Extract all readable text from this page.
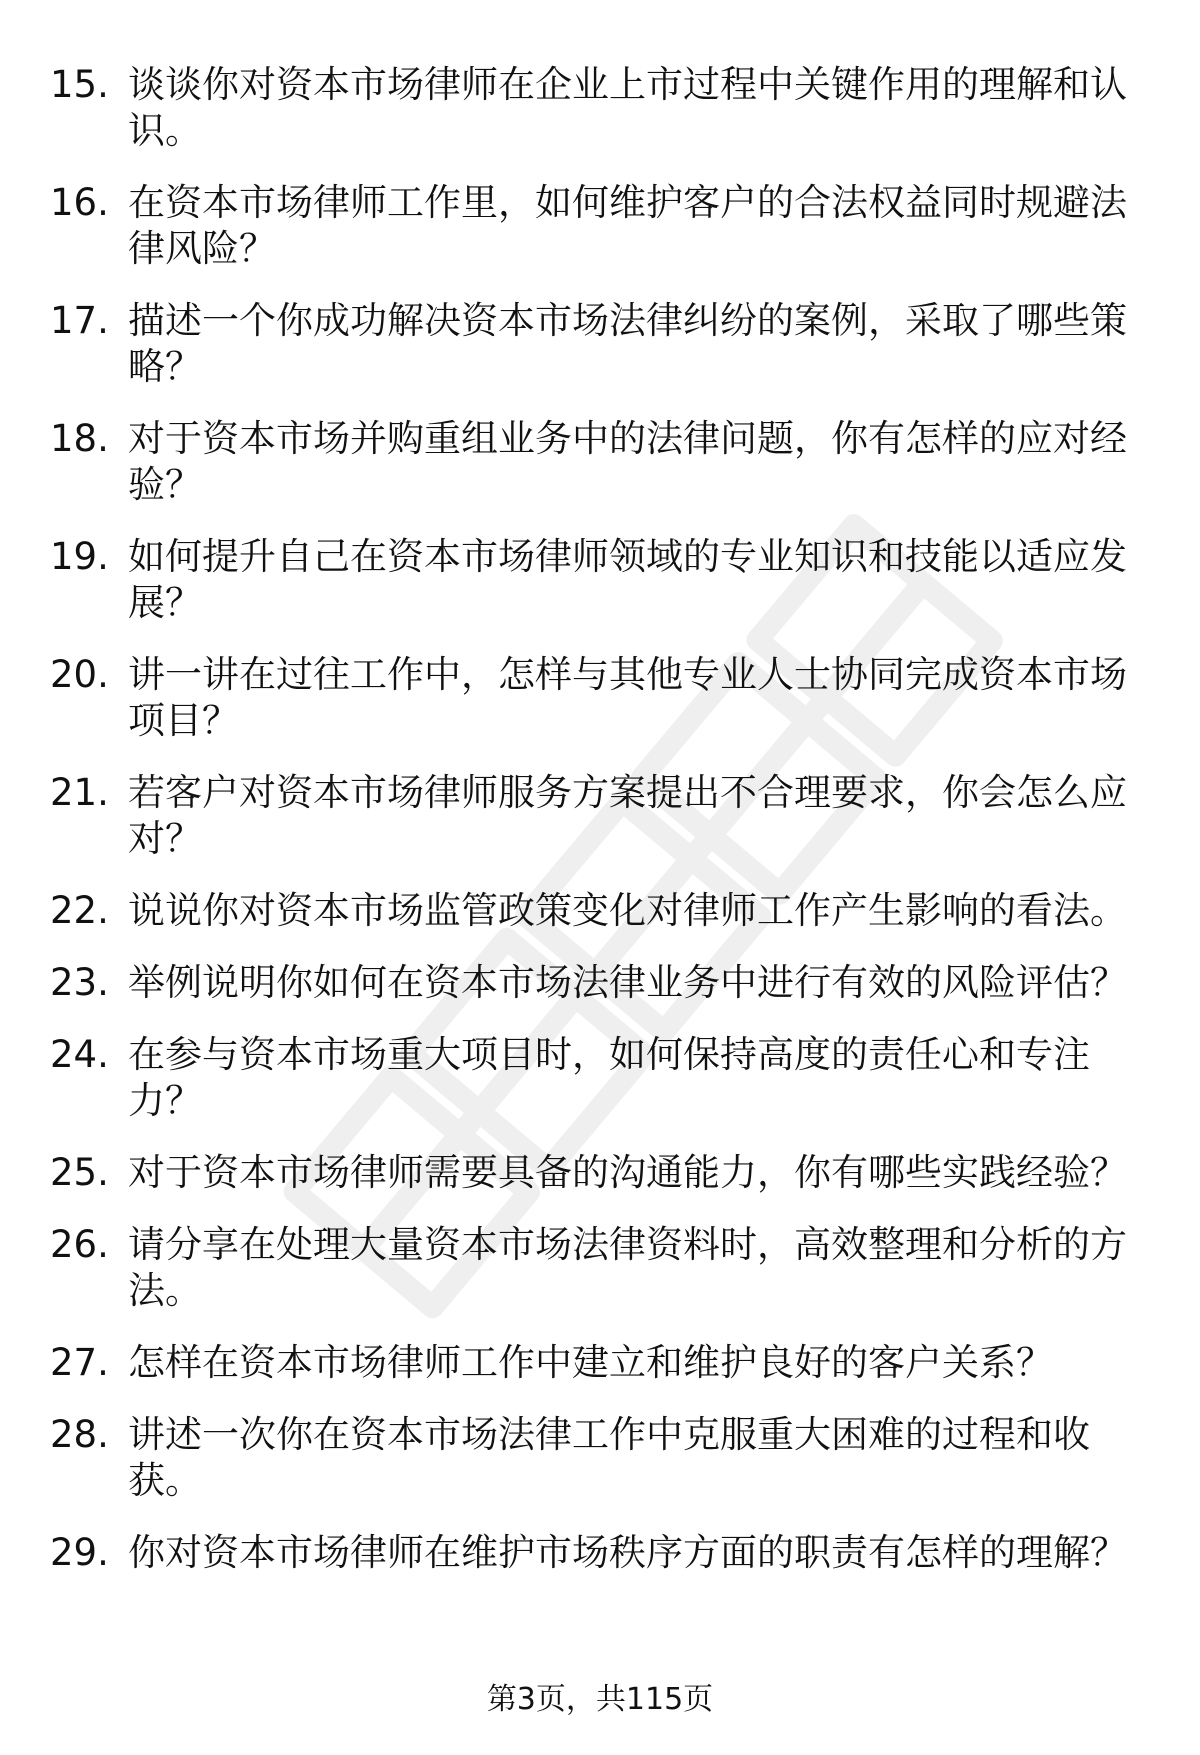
15. 谈谈你对资本市场律师在企业上市过程中关键作用的理解和认识。
16. 在资本市场律师工作里，如何维护客户的合法权益同时规避法律风险？
17. 描述一个你成功解决资本市场法律纠纷的案例，采取了哪些策略？
18. 对于资本市场并购重组业务中的法律问题，你有怎样的应对经验？
19. 如何提升自己在资本市场律师领域的专业知识和技能以适应发展？
20. 讲一讲在过往工作中，怎样与其他专业人士协同完成资本市场项目？
21. 若客户对资本市场律师服务方案提出不合理要求，你会怎么应对？
22. 说说你对资本市场监管政策变化对律师工作产生影响的看法。
23. 举例说明你如何在资本市场法律业务中进行有效的风险评估？
24. 在参与资本市场重大项目时，如何保持高度的责任心和专注力？
25. 对于资本市场律师需要具备的沟通能力，你有哪些实践经验？
26. 请分享在处理大量资本市场法律资料时，高效整理和分析的方法。
27. 怎样在资本市场律师工作中建立和维护良好的客户关系？
28. 讲述一次你在资本市场法律工作中克服重大困难的过程和收获。
29. 你对资本市场律师在维护市场秩序方面的职责有怎样的理解？
第3页，共115页
